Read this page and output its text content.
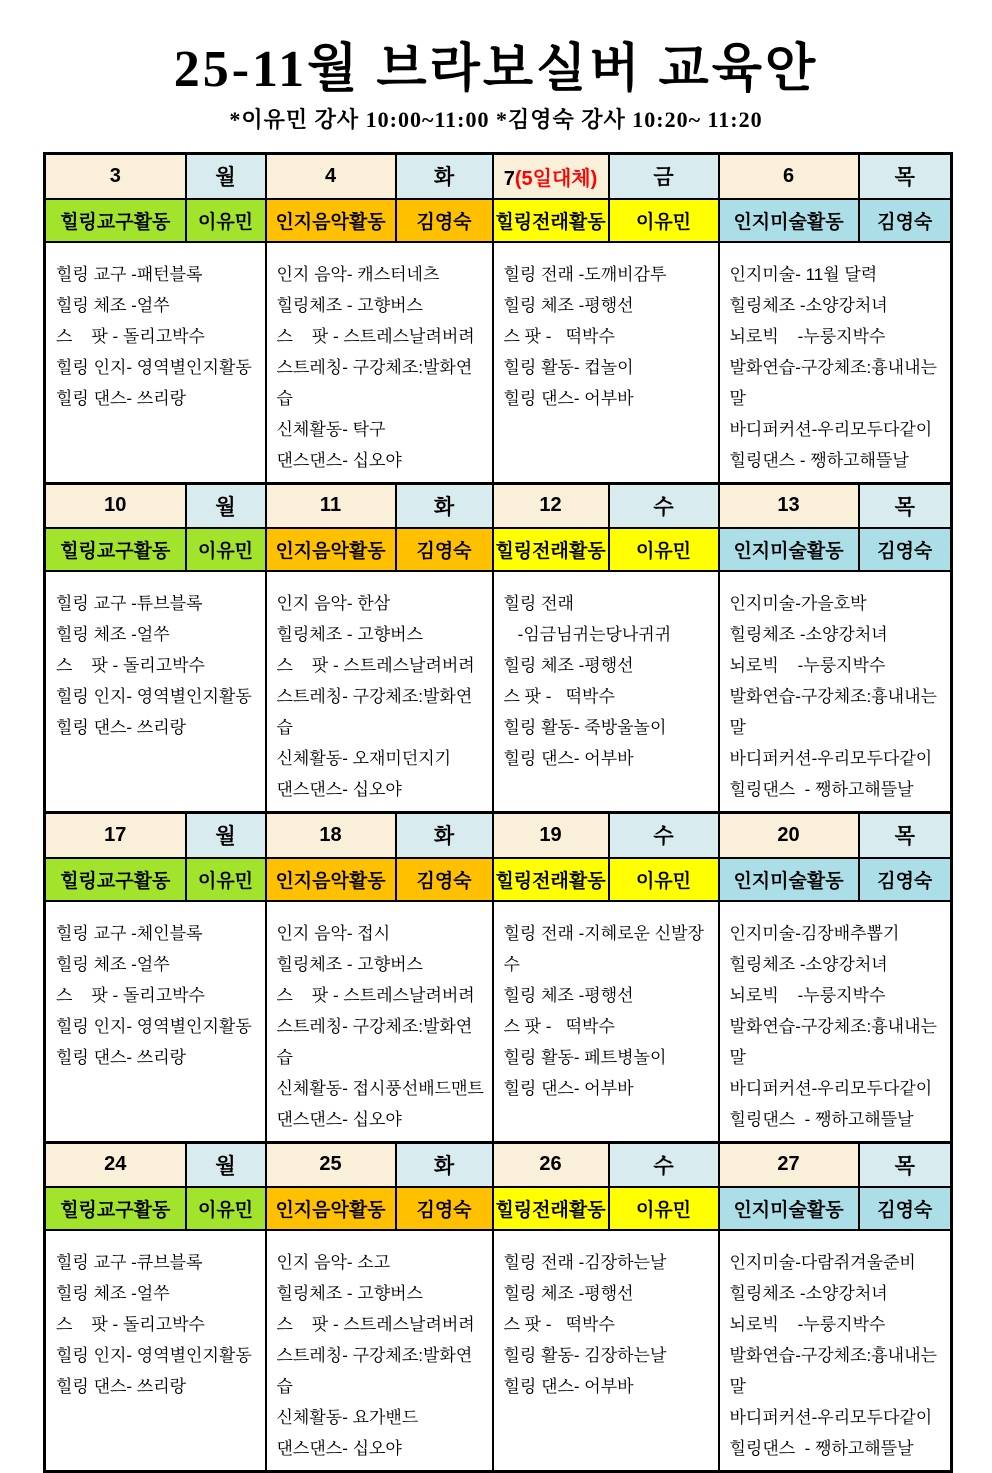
25-11월 브라보실버 교육안

*이유민 강사 10:00~11:00 *김영숙 강사 10:20~ 11:20

3	월	4	화	7(5일대체)	금	6	목
힐링교구활동	이유민	인지음악활동	김영숙	힐링전래활동	이유민	인지미술활동	김영숙

힐링 교구 -패턴블록
힐링 체조 -얼쑤
스    팟 - 돌리고박수
힐링 인지- 영역별인지활동
힐링 댄스- 쓰리랑

인지 음악- 캐스터네츠
힐링체조 - 고향버스
스    팟 - 스트레스날려버려
스트레칭- 구강체조:발화연습
신체활동- 탁구
댄스댄스- 십오야

힐링 전래 -도깨비감투
힐링 체조 -평행선
스 팟 -   떡박수
힐링 활동- 컵놀이
힐링 댄스- 어부바

인지미술- 11월 달력
힐링체조 -소양강처녀
뇌로빅    -누룽지박수
발화연습-구강체조:흉내내는말
바디퍼커션-우리모두다같이
힐링댄스 - 쨍하고해뜰날

10	월	11	화	12	수	13	목
힐링교구활동	이유민	인지음악활동	김영숙	힐링전래활동	이유민	인지미술활동	김영숙

힐링 교구 -튜브블록
힐링 체조 -얼쑤
스    팟 - 돌리고박수
힐링 인지- 영역별인지활동
힐링 댄스- 쓰리랑

인지 음악- 한삼
힐링체조 - 고향버스
스    팟 - 스트레스날려버려
스트레칭- 구강체조:발화연습
신체활동- 오재미던지기
댄스댄스- 십오야

힐링 전래
-임금님귀는당나귀귀
힐링 체조 -평행선
스 팟 -   떡박수
힐링 활동- 죽방울놀이
힐링 댄스- 어부바

인지미술-가을호박
힐링체조 -소양강처녀
뇌로빅    -누룽지박수
발화연습-구강체조:흉내내는말
바디퍼커션-우리모두다같이
힐링댄스  - 쨍하고해뜰날

17	월	18	화	19	수	20	목
힐링교구활동	이유민	인지음악활동	김영숙	힐링전래활동	이유민	인지미술활동	김영숙

힐링 교구 -체인블록
힐링 체조 -얼쑤
스    팟 - 돌리고박수
힐링 인지- 영역별인지활동
힐링 댄스- 쓰리랑

인지 음악- 접시
힐링체조 - 고향버스
스    팟 - 스트레스날려버려
스트레칭- 구강체조:발화연습
신체활동- 접시풍선배드맨트
댄스댄스- 십오야

힐링 전래 -지혜로운 신발장수
힐링 체조 -평행선
스 팟 -   떡박수
힐링 활동- 페트병놀이
힐링 댄스- 어부바

인지미술-김장배추뽑기
힐링체조 -소양강처녀
뇌로빅    -누룽지박수
발화연습-구강체조:흉내내는말
바디퍼커션-우리모두다같이
힐링댄스  - 쨍하고해뜰날

24	월	25	화	26	수	27	목
힐링교구활동	이유민	인지음악활동	김영숙	힐링전래활동	이유민	인지미술활동	김영숙

힐링 교구 -큐브블록
힐링 체조 -얼쑤
스    팟 - 돌리고박수
힐링 인지- 영역별인지활동
힐링 댄스- 쓰리랑

인지 음악- 소고
힐링체조 - 고향버스
스    팟 - 스트레스날려버려
스트레칭- 구강체조:발화연습
신체활동- 요가밴드
댄스댄스- 십오야

힐링 전래 -김장하는날
힐링 체조 -평행선
스 팟 -   떡박수
힐링 활동- 김장하는날
힐링 댄스- 어부바

인지미술-다람쥐겨울준비
힐링체조 -소양강처녀
뇌로빅    -누룽지박수
발화연습-구강체조:흉내내는말
바디퍼커션-우리모두다같이
힐링댄스  - 쨍하고해뜰날
